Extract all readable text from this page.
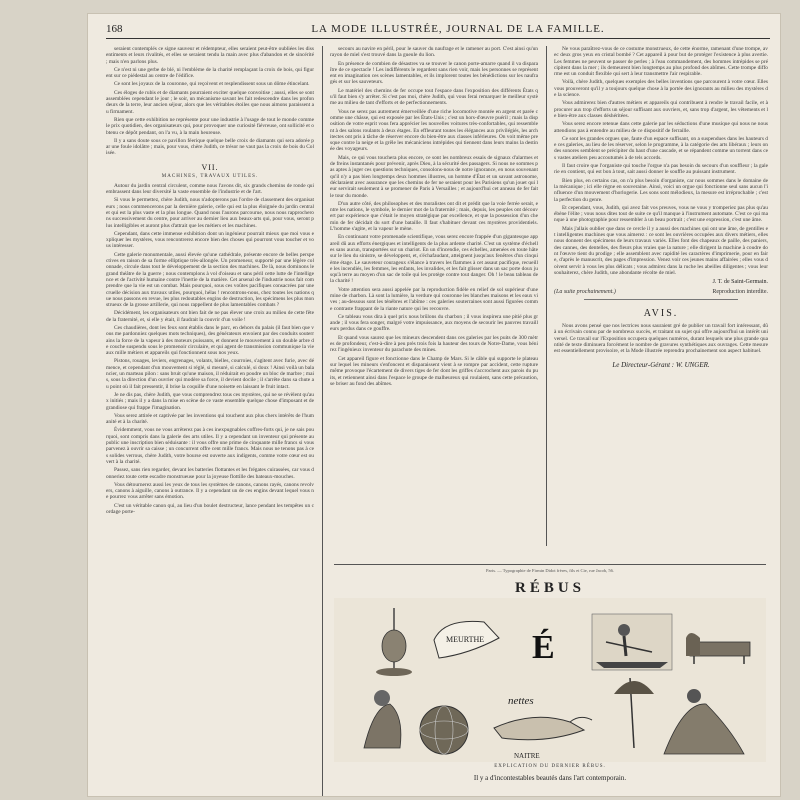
168	LA MODE ILLUSTRÉE, JOURNAL DE LA FAMILLE.

seraient contemplés ce signe sauveur et rédempteur, elles seraient peut-être oubliées les dissentiments et leurs rivalités, et elles se seraient tendu la main avec plus d'abandon et de sincérité ; mais n'en parlons plus.

Ce n'est ni une gerbe de blé, ni l'emblème de la charité remplaçant la croix de bois, qui figurent sur ce piédestal au centre de l'édifice.

Ce sont les joyaux de la couronne, qui reçoivent et resplendissent sous un dôme étincelant.

Ces éloges de rubis et de diamants pourraient exciter quelque convoitise ; aussi, elles se sont assemblées cependant le jour ; le soir, un mécanisme savant les fait redescendre dans les profondeurs de la terre, leur ancien séjour, alors que les véritables étoiles que nous aimons paraissent au firmament.

Rien que cette exhibition ne représente pour une industrie à l'usage de tout le monde comme le prix quotidien, des organisateurs qui, pour provoquer une curiosité fiévreuse, ont sollicité et obtenu ce dépôt pendant, on l'a vu, à la main heureuse.

Il y a sans doute sous ce pavillon féerique quelque belle croix de diamants qui sera adorée par une foule idolâtre ; mais, pour vous, chère Judith, ce trésor ne vaut pas la croix de bois du Colisée.

VII.
MACHINES, TRAVAUX UTILES.

Autour du jardin central circulent, comme nous l'avons dit, six grands chemins de ronde qui embrassent dans leur diversité la vaste ensemble de l'industrie et de l'art.

Si vous le permettez, chère Judith, nous n'adopterons pas l'ordre de classement des organisateurs ; nous commencerons par la dernière galerie, celle qui est la plus éloignée du jardin central et qui est la plus vaste et la plus longue. Quand nous l'aurons parcourue, nous nous rapprocherons successivement du centre, pour arriver au dernier lieu aux beaux-arts qui, pour vous, seront plus intelligibles et auront plus d'attrait que les métiers et les machines.

Cependant, dans cette immense exhibition dont un ingénieur pourrait mieux que moi vous expliquer les mystères, vous rencontrerez encore bien des choses qui pourront vous toucher et vous intéresser.

Cette galerie monumentale, aussi élevée qu'une cathédrale, présente encore de belles perspectives en raison de sa forme elliptique très-allongée. Un promeneur, supporté par une légère colonnade, circule dans tout le développement de la section des machines. De là, nous dominons le grand théâtre de la guerre ; nous contemplons à vol d'oiseau et sans péril cette lutte de l'intelligence et de l'activité humaine contre l'inertie de la matière. Cet arsenal de l'industrie nous fait comprendre que la vie est un combat. Mais pourquoi, sous ces voûtes pacifiques consacrées par une cruelle décision aux travaux utiles, pourquoi, hélas ! rencontrons-nous, chez toutes les nations que nous passons en revue, les plus redoutables engins de destruction, les spécimens les plus monstrueux de la grosse artillerie, qui nous rappellent de plus lamentables combats ?

Décidément, les organisateurs ont bien fait de ne pas élever une croix au milieu de cette fête de la fraternité, et, si elle y était, il faudrait la couvrir d'un voile !

Ces chaudières, dont les feux sont établis dans le parc, en dehors du palais (il faut bien que vous me pardonniez quelques mots techniques), des générateurs envoient par des conduits souterrains la force de la vapeur à des moteurs puissants, et donnent le mouvement à un double arbre de couche suspendu sous le promenoir circulaire, et qui agent de transmission communique la vie aux mille métiers et appareils qui fonctionnent sous nos yeux.

Pistons, rouages, leviers, engrenages, volants, bielles, courroies, s'agitent avec furie, avec démence, et cependant d'un mouvement si réglé, si mesuré, si calculé, si doux ! Ainsi voilà un balancier, un marteau pilon : sans bruit qu'une maison, il réduirait en poudre un bloc de marbre ; mais, sous la direction d'un ouvrier qui modère sa force, il devient docile ; il s'arrête dans sa chute au point où il fait pressentir, il brise la coquille d'une noisette en laissant le fruit intact.

Je ne dis pas, chère Judith, que vous comprendrez tous ces mystères, qui ne se révèlent qu'aux initiés ; mais il y a dans la mise en scène de ce vaste ensemble quelque chose d'imposant et de grandiose qui frappe l'imagination.

Vous serez attirée et captivée par les inventions qui touchent aux plus chers intérêts de l'humanité et à la charité.

Évidemment, vous ne vous arrêterez pas à ces inexpugnables coffres-forts qui, je ne sais pourquoi, sont compris dans la galerie des arts utiles. Il y a cependant un inventeur qui présente au public une inscription bien séduisante : il vous offre une prime de cinquante mille francs si vous parvenez à ouvrir sa caisse ; un concurrent offre cent mille francs. Mais nous ne tenons pas à ces solides verrous, chère Judith, votre bourse est ouverte aux indigents, comme votre cœur est ouvert à la charité.

Passez, sans rien regarder, devant les batteries flottantes et les frégates cuirassées, car vous donneriez toute cette escadre monstrueuse pour la joyeuse flottille des bateaux-mouches.

Vous détournerez aussi les yeux de tous les systèmes de canons, canons rayés, canons revolvers, canons à aiguille, canons à outrance. Il y a cependant un de ces engins devant lequel vous ne pourrez vous arrêter sans émotion.

C'est un véritable canon qui, au lieu d'un boulet destructeur, lance pendant les tempêtes un cordage porte-

secours au navire en péril, pour le sauver du naufrage et le ramener au port. C'est ainsi qu'un rayon de miel s'est trouvé dans la gueule du lion.

En présence de combien de désastres va se trouver le canon porte-amarre quand il va disparaître de ce spectacle ! Les indifférents le regardent sans rien voir, mais les personnes se représentent en imagination ces scènes lamentables, et ils implorent toutes les bénédictions sur les naufragés et sur les sauveteurs.

Le matériel des chemins de fer occupe tout l'espace dans l'exposition des différents États qu'il faut bien s'y arrêter. Si c'est pas moi, chère Judith, qui vous ferai remarquer le meilleur système au milieu de tant d'efforts et de perfectionnements.

Vous ne serez pas autrement émerveillée d'une riche locomotive montée en argent et parée comme une châsse, qui est exposée par les États-Unis ; c'est un hors-d'œuvre puéril ; mais la disposition de votre esprit vous fera apprécier les nouvelles voitures très-confortables, qui ressemblent à des salons roulants à deux étages. En effleurant toutes les élégances aux privilégiés, les architectes ont pris à tâche de réserver encore du bien-être aux classes inférieures. On voit même presque contre la neige et la grêle les mécaniciens intrépides qui tiennent dans leurs mains la destinée des voyageurs.

Mais, ce qui vous touchera plus encore, ce sont les nombreux essais de signaux d'alarmes et de freins instantanés pour prévenir, après Dieu, à la sécurité des passagers. Si nous ne sommes pas aptes à juger ces questions techniques, consolons-nous de notre ignorance, en nous souvenant qu'il n'y a pas bien longtemps deux hommes illustres, un homme d'État et un savant astronome, déclaraient avec assurance que les chemins de fer ne seraient pour les Parisiens qu'un jouet qui leur servirait seulement à se promener de Paris à Versailles ; et aujourd'hui cet anneau de fer fait le tour du monde.

D'un autre côté, des philosophes et des moralistes ont dit et prédit que la voie ferrée serait, entre les nations, le symbole, le dernier mot de la fraternité ; mais, depuis, les peuples ont découvert par expérience que c'était le moyen stratégique par excellence, et que la possession d'un chemin de fer décidait du sort d'une bataille. Il faut s'habituer devant ces mystères providentiels. L'homme s'agite, et la vapeur le mène.

En continuant votre promenade scientifique, vous serez encore frappée d'un gigantesque appareil dû aux efforts énergiques et intelligents de la plus ardente charité. C'est un système d'échelles sans aucun, transportées sur un chariot. En un d'incendie, ces échelles, amenées en toute hâte sur le lieu du sinistre, se développent, et, s'échafaudant, atteignent jusqu'aux fenêtres d'un cinquième étage. Le sauveteur courageux s'élance à travers les flammes à cet assaut pacifique, recueille les incendiés, les femmes, les enfants, les invalides, et les fait glisser dans un sac porte doux jusqu'à terre au moyen d'un sac de toile qui les protège contre tout danger. Oh ! le beau tableau de la charité !

Votre attention sera aussi appelée par la reproduction fidèle en relief de sol supérieur d'une mine de charbon. Là sont la lumière, la verdure qui couronne les blanches maisons et les eaux vives ; au-dessous sont les ténèbres et l'abîme : ces galeries souterraines sont aussi figurées comme contraste frappant de la riante nature qui les recouvre.

Ce tableau vous dira à quel prix nous brûlons du charbon ; il vous inspirera une pitié plus grande ; il vous fera songer, malgré votre impuissance, aux moyens de secourir les pauvres travailleurs perdus dans ce gouffre.

Et quand vous saurez que les mineurs descendent dans ces galeries par les puits de 300 mètres de profondeur, c'est-à-dire à peu près trois fois la hauteur des tours de Notre-Dame, vous bénirez l'ingénieux inventeur du parachute des mines.

Cet appareil figure et fonctionne dans le Champ de Mars. Si le câble qui supporte le plateau sur lequel les mineurs s'enfoncent et disparaissent vient à se rompre par accident, cette rupture même provoque l'écartement de divers tiges de fer dont les griffes s'accrochent aux parois du puits, et retiennent ainsi dans l'espace le groupe de malheureux qui roulaient, sans cette précaution, se briser au fond des abîmes.

Ne vous paraîtrez-vous de ce costume monstrueux, de cette énorme, ramenant d'une trompe, avec deux gros yeux en cristal bombé ? Cet appareil à pour but de protéger l'existence à plus avertie. Les femmes ne peuvent se passer de perles ; à l'eau commandement, des hommes intrépides se précipitent dans la mer ; ils demeurent bien longtemps au plus profond des abîmes. Cette trompe difforme est un conduit flexible qui sert à leur transmettre l'air respirable.

Voilà, chère Judith, quelques exemples des belles inventions que parcourent à votre cœur. Elles vous prouveront qu'il y a toujours quelque chose à la portée des ignorants au milieu des mystères de la science.

Vous admirerez bien d'autres métiers et appareils qui contribuent à rendre le travail facile, et à procurer aux trop d'efforts un séjour suffisant aux ouvriers, et, sans trop d'argent, les vêtements et le bien-être aux classes déshéritées.

Vous serez encore retenue dans cette galerie par les séductions d'une musique qui nous ne nous attendions pas à entendre au milieu de ce dispositif de ferraille.

Ce sont les grandes orgues que, faute d'un espace suffisant, on a suspendues dans les hauteurs de ces galeries, au lieu de les réserver, selon le programme, à la catégorie des arts libéraux ; leurs ondes sonores semblent se précipiter du haut d'une cascade, et se répandent comme un torrent dans ces vastes ateliers peu accoutumés à de tels accords.

Il faut croire que l'organiste qui touche l'orgue n'a pas besoin du secours d'un souffleur ; la galerie en contient, qui est bon à tout, sait aussi donner le souffle au puissant instrument.

Bien plus, en certains cas, on n'a plus besoin d'organiste, car nous sommes dans le domaine de la mécanique ; ici elle règne en souveraine. Ainsi, voici un orgue qui fonctionne seul sans aucun l'influence d'un mouvement d'horlogerie. Les sons sont mélodieux, la mesure est irréprochable ; c'est la perfection du genre.

Et cependant, vous, Judith, qui avez fait vos preuves, vous ne vous y tromperiez pas plus qu'au ébène l'élite ; vous nous dites tout de suite ce qu'il manque à l'instrument automate. C'est ce qui manque à une photographie pour ressembler à un beau portrait ; c'est une expression, c'est une âme.

Mais j'allais oublier que dans ce cercle il y a aussi des machines qui ont une âme, de gentilles et intelligentes machines que vous aimerez : ce sont les ouvrières occupées aux divers métiers, elles nous donnent des spécimens de leurs travaux variés. Elles font des chapeaux de paille, des paniers, des cannes, des dentelles, des fleurs plus vraies que la nature ; elle dirigent la machine à coudre dont l'œuvre tient du prodige ; elle assemblent avec rapidité les caractères d'imprimerie, pour en faire, d'après le manuscrit, des pages d'impression. Venez voir ces jeunes mains affairées ; elles vous doivent servir à vous les plus délicats ; vous admirez dans la ruche les abeilles diligentes ; vous leur souhaiterez, chère Judith, une abondante récolte de miel.

J. T. de Saint-Germain.
(La suite prochainement.)	Reproduction interdite.
AVIS.

Nous avons pensé que nos lectrices nous sauraient gré de publier un travail fort intéressant, dû à un écrivain connu par de nombreux succès, et traitant un sujet qui offre aujourd'hui un intérêt universel. Ce travail sur l'Exposition occupera quelques numéros, durant lesquels une plus grande quantité de texte diminuera forcément le nombre de gravures synthétiques aux ouvrages. Cette mesure est essentiellement provisoire, et la Mode illustrée reprendra prochainement son aspect habituel.

Le Directeur-Gérant : W. UNGER.
Paris. — Typographie de Firmin Didot frères, fils et Cie, rue Jacob, 56.
RÉBUS
MEURTHE É
nettes
NAITRE
EXPLICATION DU DERNIER RÉBUS.
Il y a d'incontestables beautés dans l'art contemporain.
